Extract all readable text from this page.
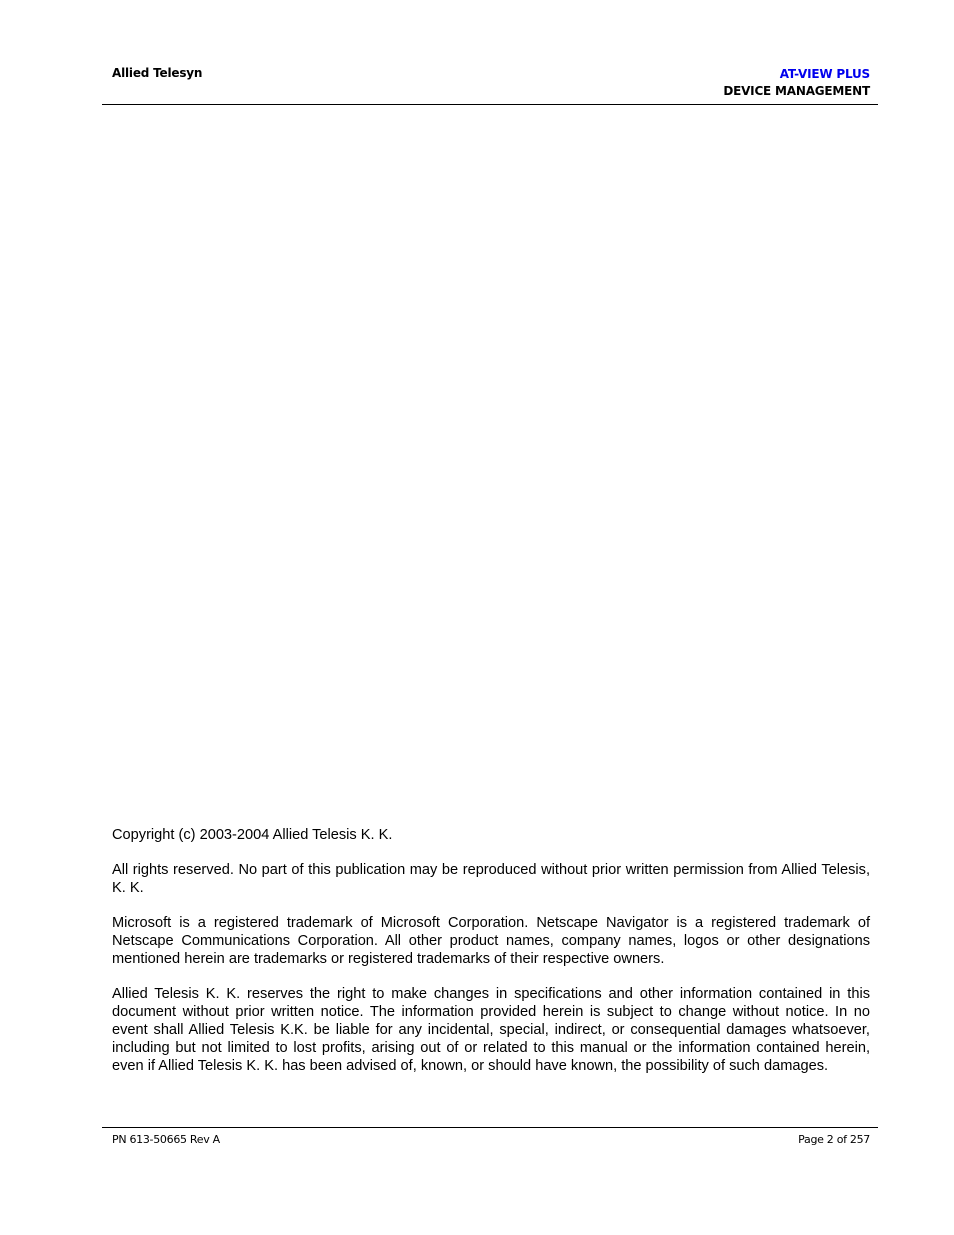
Allied Telesyn	AT-VIEW PLUS
DEVICE MANAGEMENT

Copyright (c) 2003-2004 Allied Telesis K. K.

All rights reserved. No part of this publication may be reproduced without prior written permission from Allied Telesis, K. K.

Microsoft is a registered trademark of Microsoft Corporation. Netscape Navigator is a registered trademark of Netscape Communications Corporation. All other product names, company names, logos or other designations mentioned herein are trademarks or registered trademarks of their respective owners.

Allied Telesis K. K. reserves the right to make changes in specifications and other information contained in this document without prior written notice. The information provided herein is subject to change without notice. In no event shall Allied Telesis K.K. be liable for any incidental, special, indirect, or consequential damages whatsoever, including but not limited to lost profits, arising out of or related to this manual or the information contained herein, even if Allied Telesis K. K. has been advised of, known, or should have known, the possibility of such damages.

PN 613-50665 Rev A	Page 2 of 257
